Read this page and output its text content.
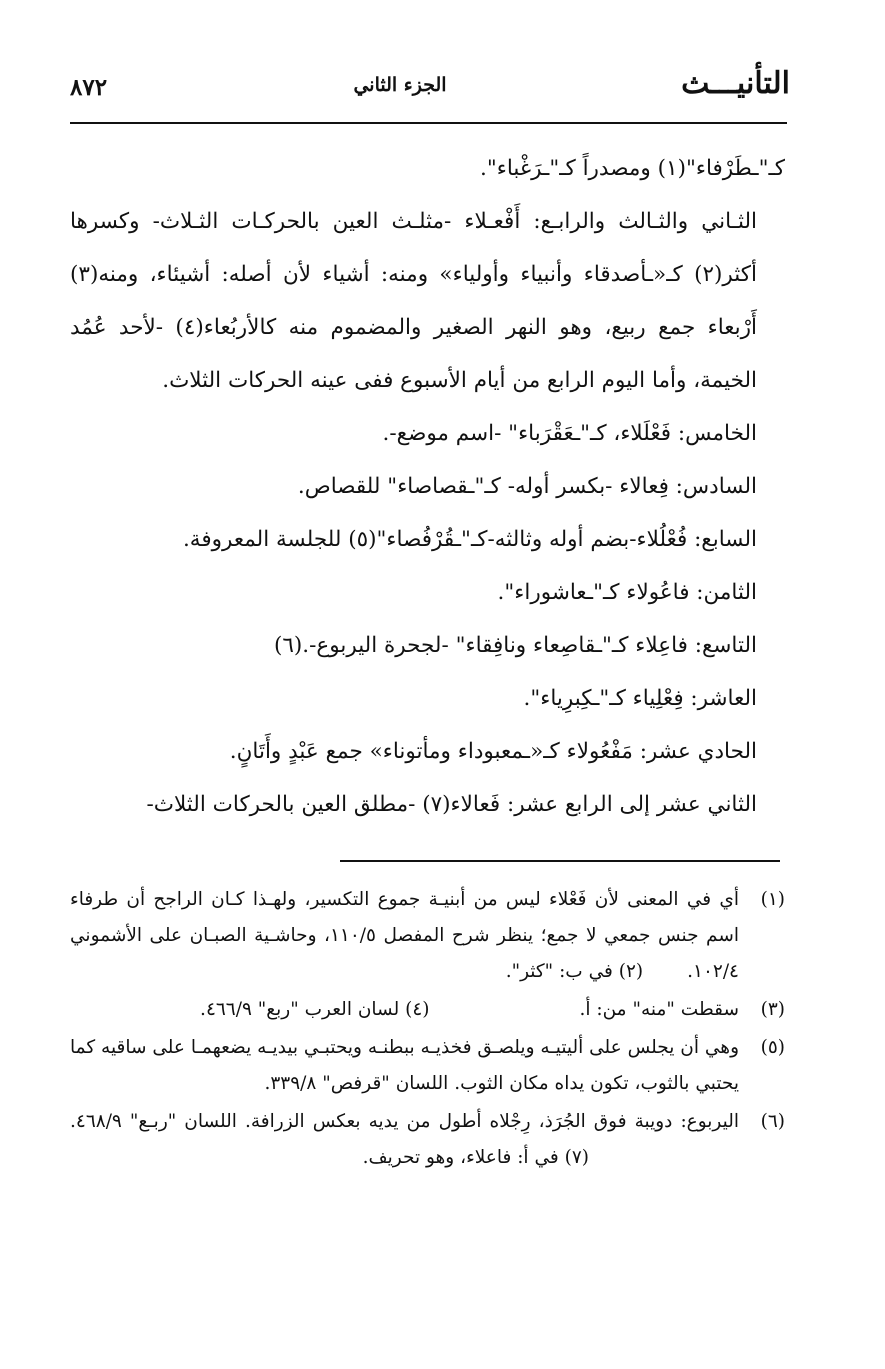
التأنيـــث
الجزء الثاني
٨٧٢

كـ"ـطَرْفاء"(١) ومصدراً كـ"ـرَغْباء".

الثـاني والثـالث والرابـع: أَفْعـلاء -مثلـث العين بالحركـات الثـلاث- وكسرها أكثر(٢) كـ«ـأصدقاء وأنبياء وأولياء» ومنه: أشياء لأن أصله: أشيئاء، ومنه(٣) أَرْبعاء جمع ربيع، وهو النهر الصغير والمضموم منه كالأربُعاء(٤) -لأحد عُمُد الخيمة، وأما اليوم الرابع من أيام الأسبوع ففى عينه الحركات الثلاث.

الخامس: فَعْلَلاء، كـ"ـعَقْرَباء" -اسم موضع-.

السادس: فِعالاء -بكسر أوله- كـ"ـقصاصاء" للقصاص.

السابع: فُعْلُلاء-بضم أوله وثالثه-كـ"ـقُرْفُصاء"(٥) للجلسة المعروفة.

الثامن: فاعُولاء كـ"ـعاشوراء".

التاسع: فاعِلاء كـ"ـقاصِعاء ونافِقاء" -لجحرة اليربوع-.(٦)

العاشر: فِعْلِياء كـ"ـكِبرِياء".

الحادي عشر: مَفْعُولاء كـ«ـمعبوداء ومأتوناء» جمع عَبْدٍ وأَتَانٍ.

الثاني عشر إلى الرابع عشر: فَعالاء(٧) -مطلق العين بالحركات الثلاث-

(١)
أي في المعنى لأن فَعْلاء ليس من أبنيـة جموع التكسير، ولهـذا كـان الراجح أن طرفاء اسم جنس جمعي لا جمع؛ ينظر شرح المفصل ١١٠/٥، وحاشـية الصبـان على الأشموني ١٠٢/٤.(٢) في ب: "كثر".
(٣)
سقطت "منه" من: أ.(٤) لسان العرب "ربع" ٤٦٦/٩.
(٥)
وهي أن يجلس على أليتيـه ويلصـق فخذيـه ببطنـه ويحتبـي بيديـه يضعهمـا على ساقيه كما يحتبي بالثوب، تكون يداه مكان الثوب. اللسان "قرفص" ٣٣٩/٨.
(٦)
اليربوع: دويبة فوق الجُرَذ، رِجْلاه أطول من يديه بعكس الزرافة. اللسان "ربـع" ٤٦٨/٩.(٧) في أ: فاعلاء، وهو تحريف.
